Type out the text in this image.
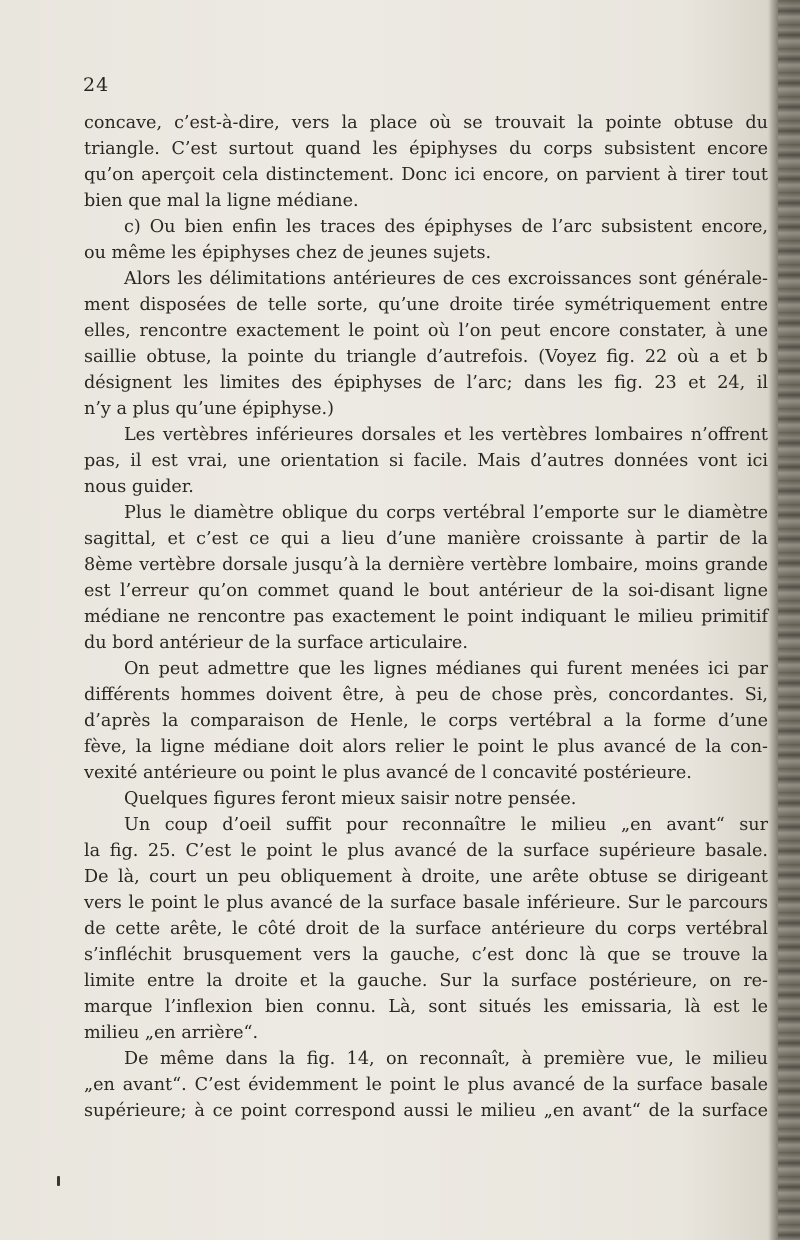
24
concave, c’est-à-dire, vers la place où se trouvait la pointe obtuse du
triangle. C’est surtout quand les épiphyses du corps subsistent encore
qu’on aperçoit cela distinctement. Donc ici encore, on parvient à tirer tout
bien que mal la ligne médiane.
c) Ou bien enfin les traces des épiphyses de l’arc subsistent encore,
ou même les épiphyses chez de jeunes sujets.
Alors les délimitations antérieures de ces excroissances sont générale-
ment disposées de telle sorte, qu’une droite tirée symétriquement entre
elles, rencontre exactement le point où l’on peut encore constater, à une
saillie obtuse, la pointe du triangle d’autrefois. (Voyez fig. 22 où a et b
désignent les limites des épiphyses de l’arc; dans les fig. 23 et 24, il
n’y a plus qu’une épiphyse.)
Les vertèbres inférieures dorsales et les vertèbres lombaires n’offrent
pas, il est vrai, une orientation si facile. Mais d’autres données vont ici
nous guider.
Plus le diamètre oblique du corps vertébral l’emporte sur le diamètre
sagittal, et c’est ce qui a lieu d’une manière croissante à partir de la
8ème vertèbre dorsale jusqu’à la dernière vertèbre lombaire, moins grande
est l’erreur qu’on commet quand le bout antérieur de la soi-disant ligne
médiane ne rencontre pas exactement le point indiquant le milieu primitif
du bord antérieur de la surface articulaire.
On peut admettre que les lignes médianes qui furent menées ici par
différents hommes doivent être, à peu de chose près, concordantes. Si,
d’après la comparaison de Henle, le corps vertébral a la forme d’une
fève, la ligne médiane doit alors relier le point le plus avancé de la con-
vexité antérieure ou point le plus avancé de l concavité postérieure.
Quelques figures feront mieux saisir notre pensée.
Un coup d’oeil suffit pour reconnaître le milieu „en avant“ sur
la fig. 25. C’est le point le plus avancé de la surface supérieure basale.
De là, court un peu obliquement à droite, une arête obtuse se dirigeant
vers le point le plus avancé de la surface basale inférieure. Sur le parcours
de cette arête, le côté droit de la surface antérieure du corps vertébral
s’infléchit brusquement vers la gauche, c’est donc là que se trouve la
limite entre la droite et la gauche. Sur la surface postérieure, on re-
marque l’inflexion bien connu. Là, sont situés les emissaria, là est le
milieu „en arrière“.
De même dans la fig. 14, on reconnaît, à première vue, le milieu
„en avant“. C’est évidemment le point le plus avancé de la surface basale
supérieure; à ce point correspond aussi le milieu „en avant“ de la surface
